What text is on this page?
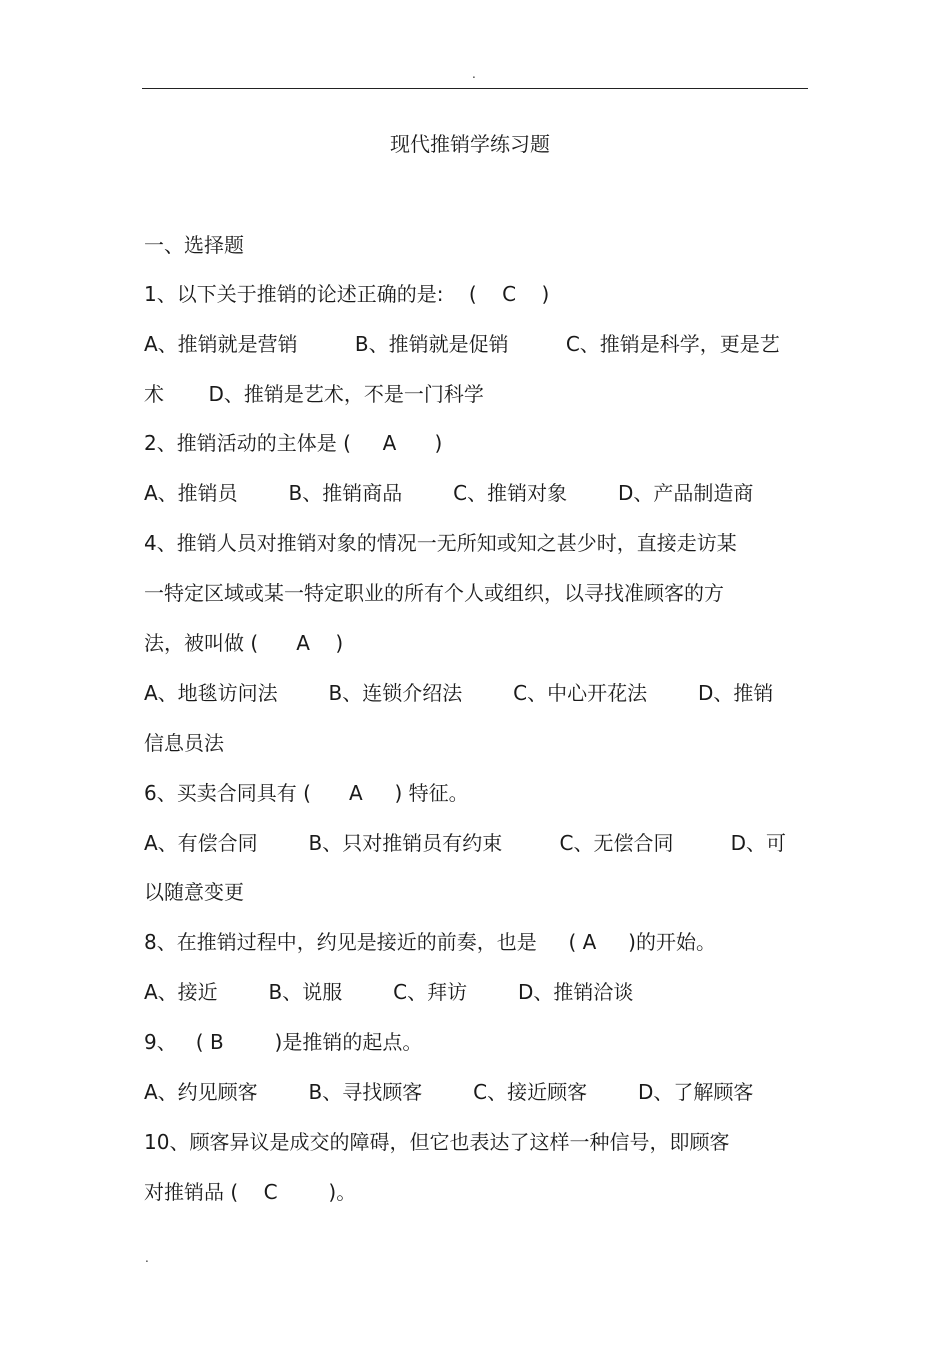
.
现代推销学练习题
一、选择题
1、以下关于推销的论述正确的是:    (    C    )
A、推销就是营销         B、推销就是促销         C、推销是科学，更是艺
术       D、推销是艺术，不是一门科学
2、推销活动的主体是 (     A      )
A、推销员        B、推销商品        C、推销对象        D、产品制造商
4、推销人员对推销对象的情况一无所知或知之甚少时，直接走访某
一特定区域或某一特定职业的所有个人或组织，以寻找准顾客的方
法，被叫做 (      A    )
A、地毯访问法        B、连锁介绍法        C、中心开花法        D、推销
信息员法
6、买卖合同具有 (      A     ) 特征。
A、有偿合同        B、只对推销员有约束         C、无偿合同         D、可
以随意变更
8、在推销过程中，约见是接近的前奏，也是     ( A     )的开始。
A、接近        B、说服        C、拜访        D、推销洽谈
9、   ( B        )是推销的起点。
A、约见顾客        B、寻找顾客        C、接近顾客        D、了解顾客
10、顾客异议是成交的障碍，但它也表达了这样一种信号，即顾客
对推销品 (    C        )。
.
